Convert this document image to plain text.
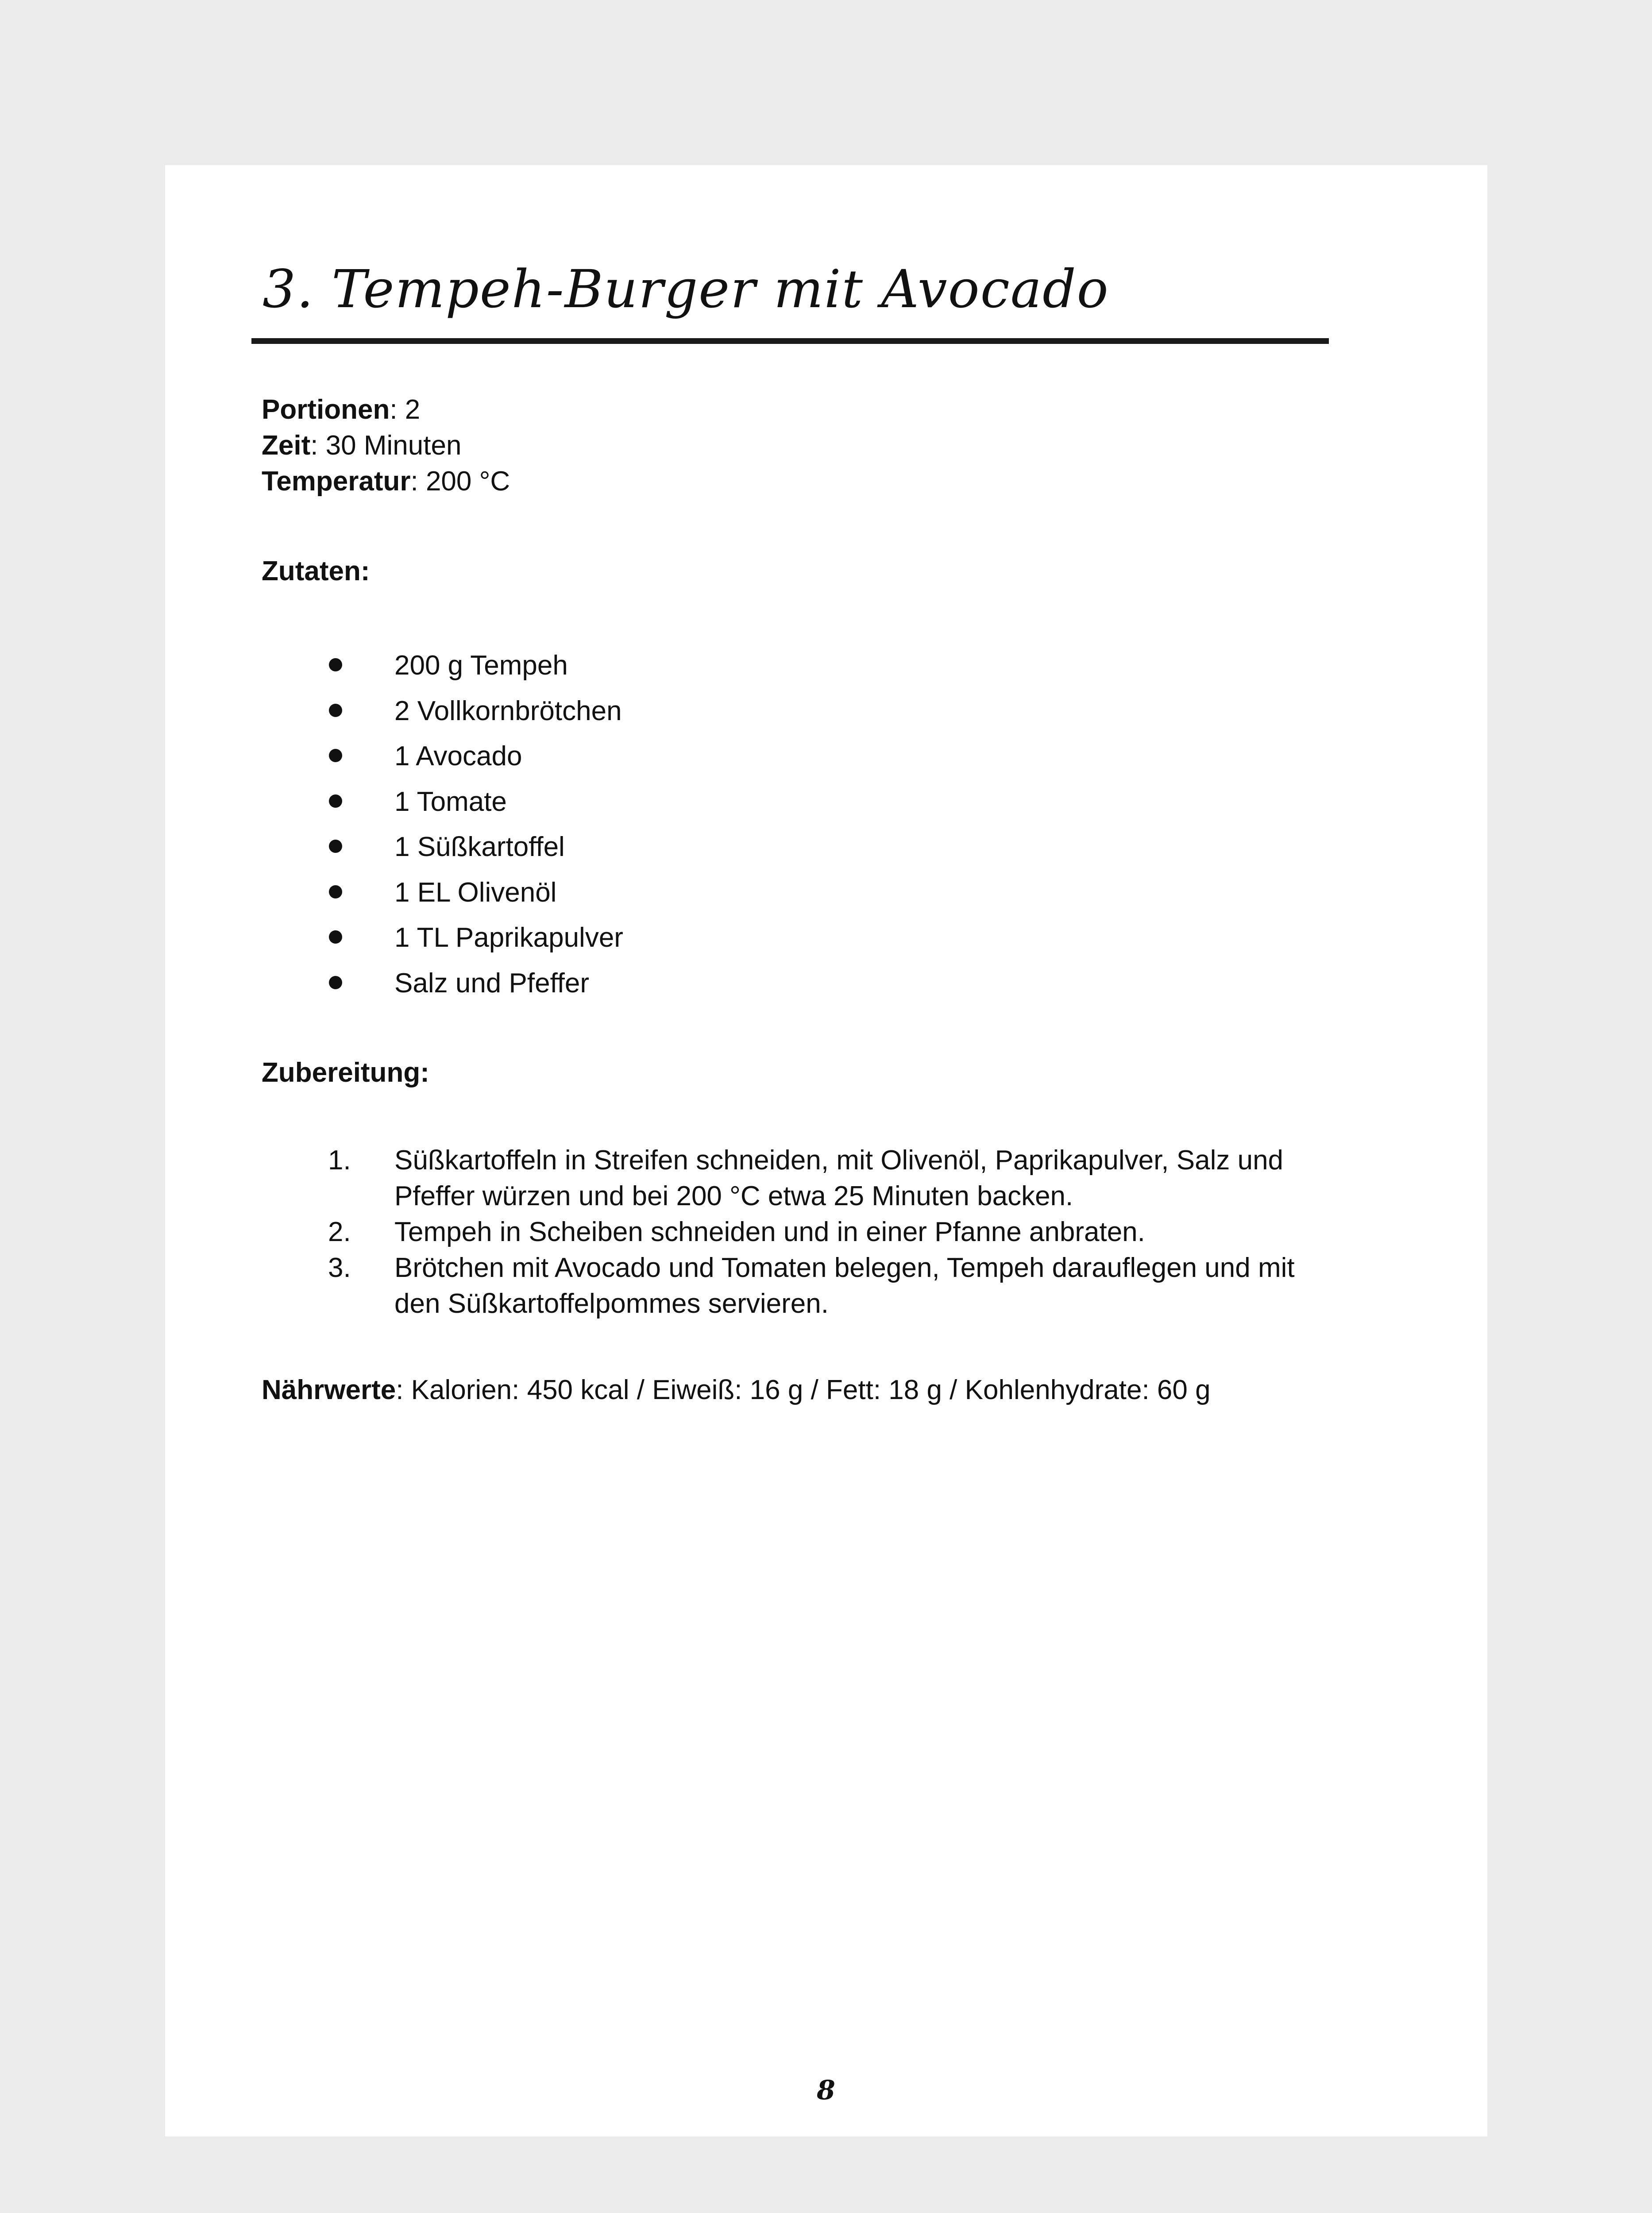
3. Tempeh-Burger mit Avocado
Portionen: 2
Zeit: 30 Minuten
Temperatur: 200 °C
Zutaten:
200 g Tempeh
2 Vollkornbrötchen
1 Avocado
1 Tomate
1 Süßkartoffel
1 EL Olivenöl
1 TL Paprikapulver
Salz und Pfeffer
Zubereitung:
1. Süßkartoffeln in Streifen schneiden, mit Olivenöl, Paprikapulver, Salz und Pfeffer würzen und bei 200 °C etwa 25 Minuten backen.
2. Tempeh in Scheiben schneiden und in einer Pfanne anbraten.
3. Brötchen mit Avocado und Tomaten belegen, Tempeh darauflegen und mit den Süßkartoffelpommes servieren.
Nährwerte: Kalorien: 450 kcal / Eiweiß: 16 g / Fett: 18 g / Kohlenhydrate: 60 g
8
